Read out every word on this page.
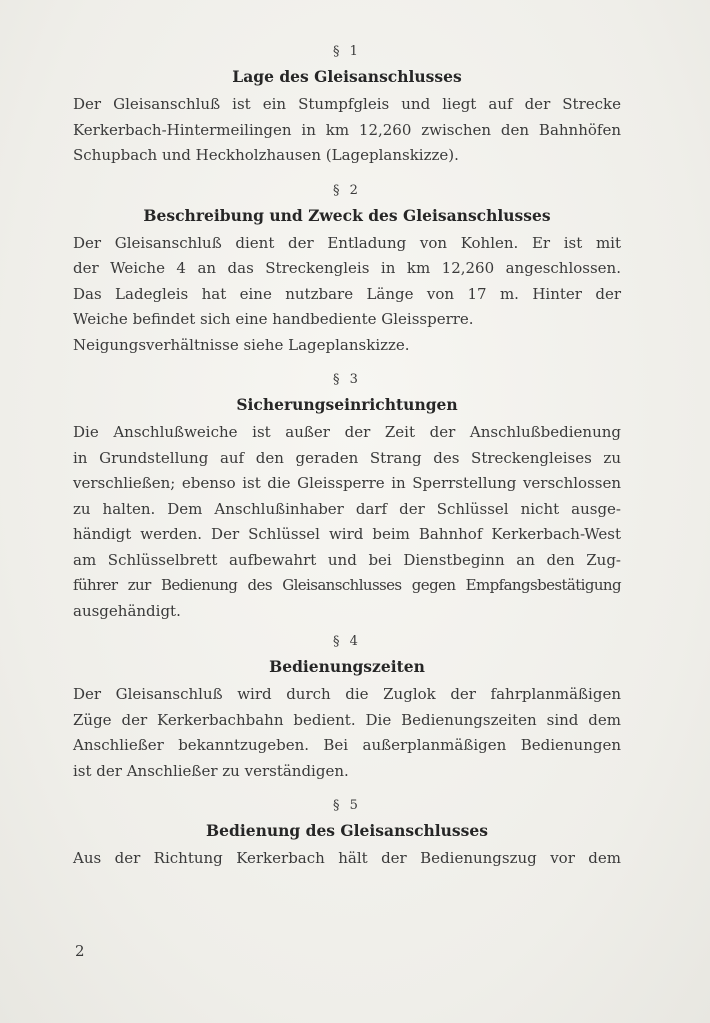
§ 1
Lage des Gleisanschlusses
Der Gleisanschluß ist ein Stumpfgleis und liegt auf der Strecke
Kerkerbach-Hintermeilingen in km 12,260 zwischen den Bahnhöfen
Schupbach und Heckholzhausen (Lageplanskizze).
§ 2
Beschreibung und Zweck des Gleisanschlusses
Der Gleisanschluß dient der Entladung von Kohlen. Er ist mit
der Weiche 4 an das Streckengleis in km 12,260 angeschlossen.
Das Ladegleis hat eine nutzbare Länge von 17 m. Hinter der
Weiche befindet sich eine handbediente Gleissperre.
Neigungsverhältnisse siehe Lageplanskizze.
§ 3
Sicherungseinrichtungen
Die Anschlußweiche ist außer der Zeit der Anschlußbedienung
in Grundstellung auf den geraden Strang des Streckengleises zu
verschließen; ebenso ist die Gleissperre in Sperrstellung verschlossen
zu halten. Dem Anschlußinhaber darf der Schlüssel nicht ausge-
händigt werden. Der Schlüssel wird beim Bahnhof Kerkerbach-West
am Schlüsselbrett aufbewahrt und bei Dienstbeginn an den Zug-
führer zur Bedienung des Gleisanschlusses gegen Empfangsbestätigung
ausgehändigt.
§ 4
Bedienungszeiten
Der Gleisanschluß wird durch die Zuglok der fahrplanmäßigen
Züge der Kerkerbachbahn bedient. Die Bedienungszeiten sind dem
Anschließer bekanntzugeben. Bei außerplanmäßigen Bedienungen
ist der Anschließer zu verständigen.
§ 5
Bedienung des Gleisanschlusses
Aus der Richtung Kerkerbach hält der Bedienungszug vor dem
2
